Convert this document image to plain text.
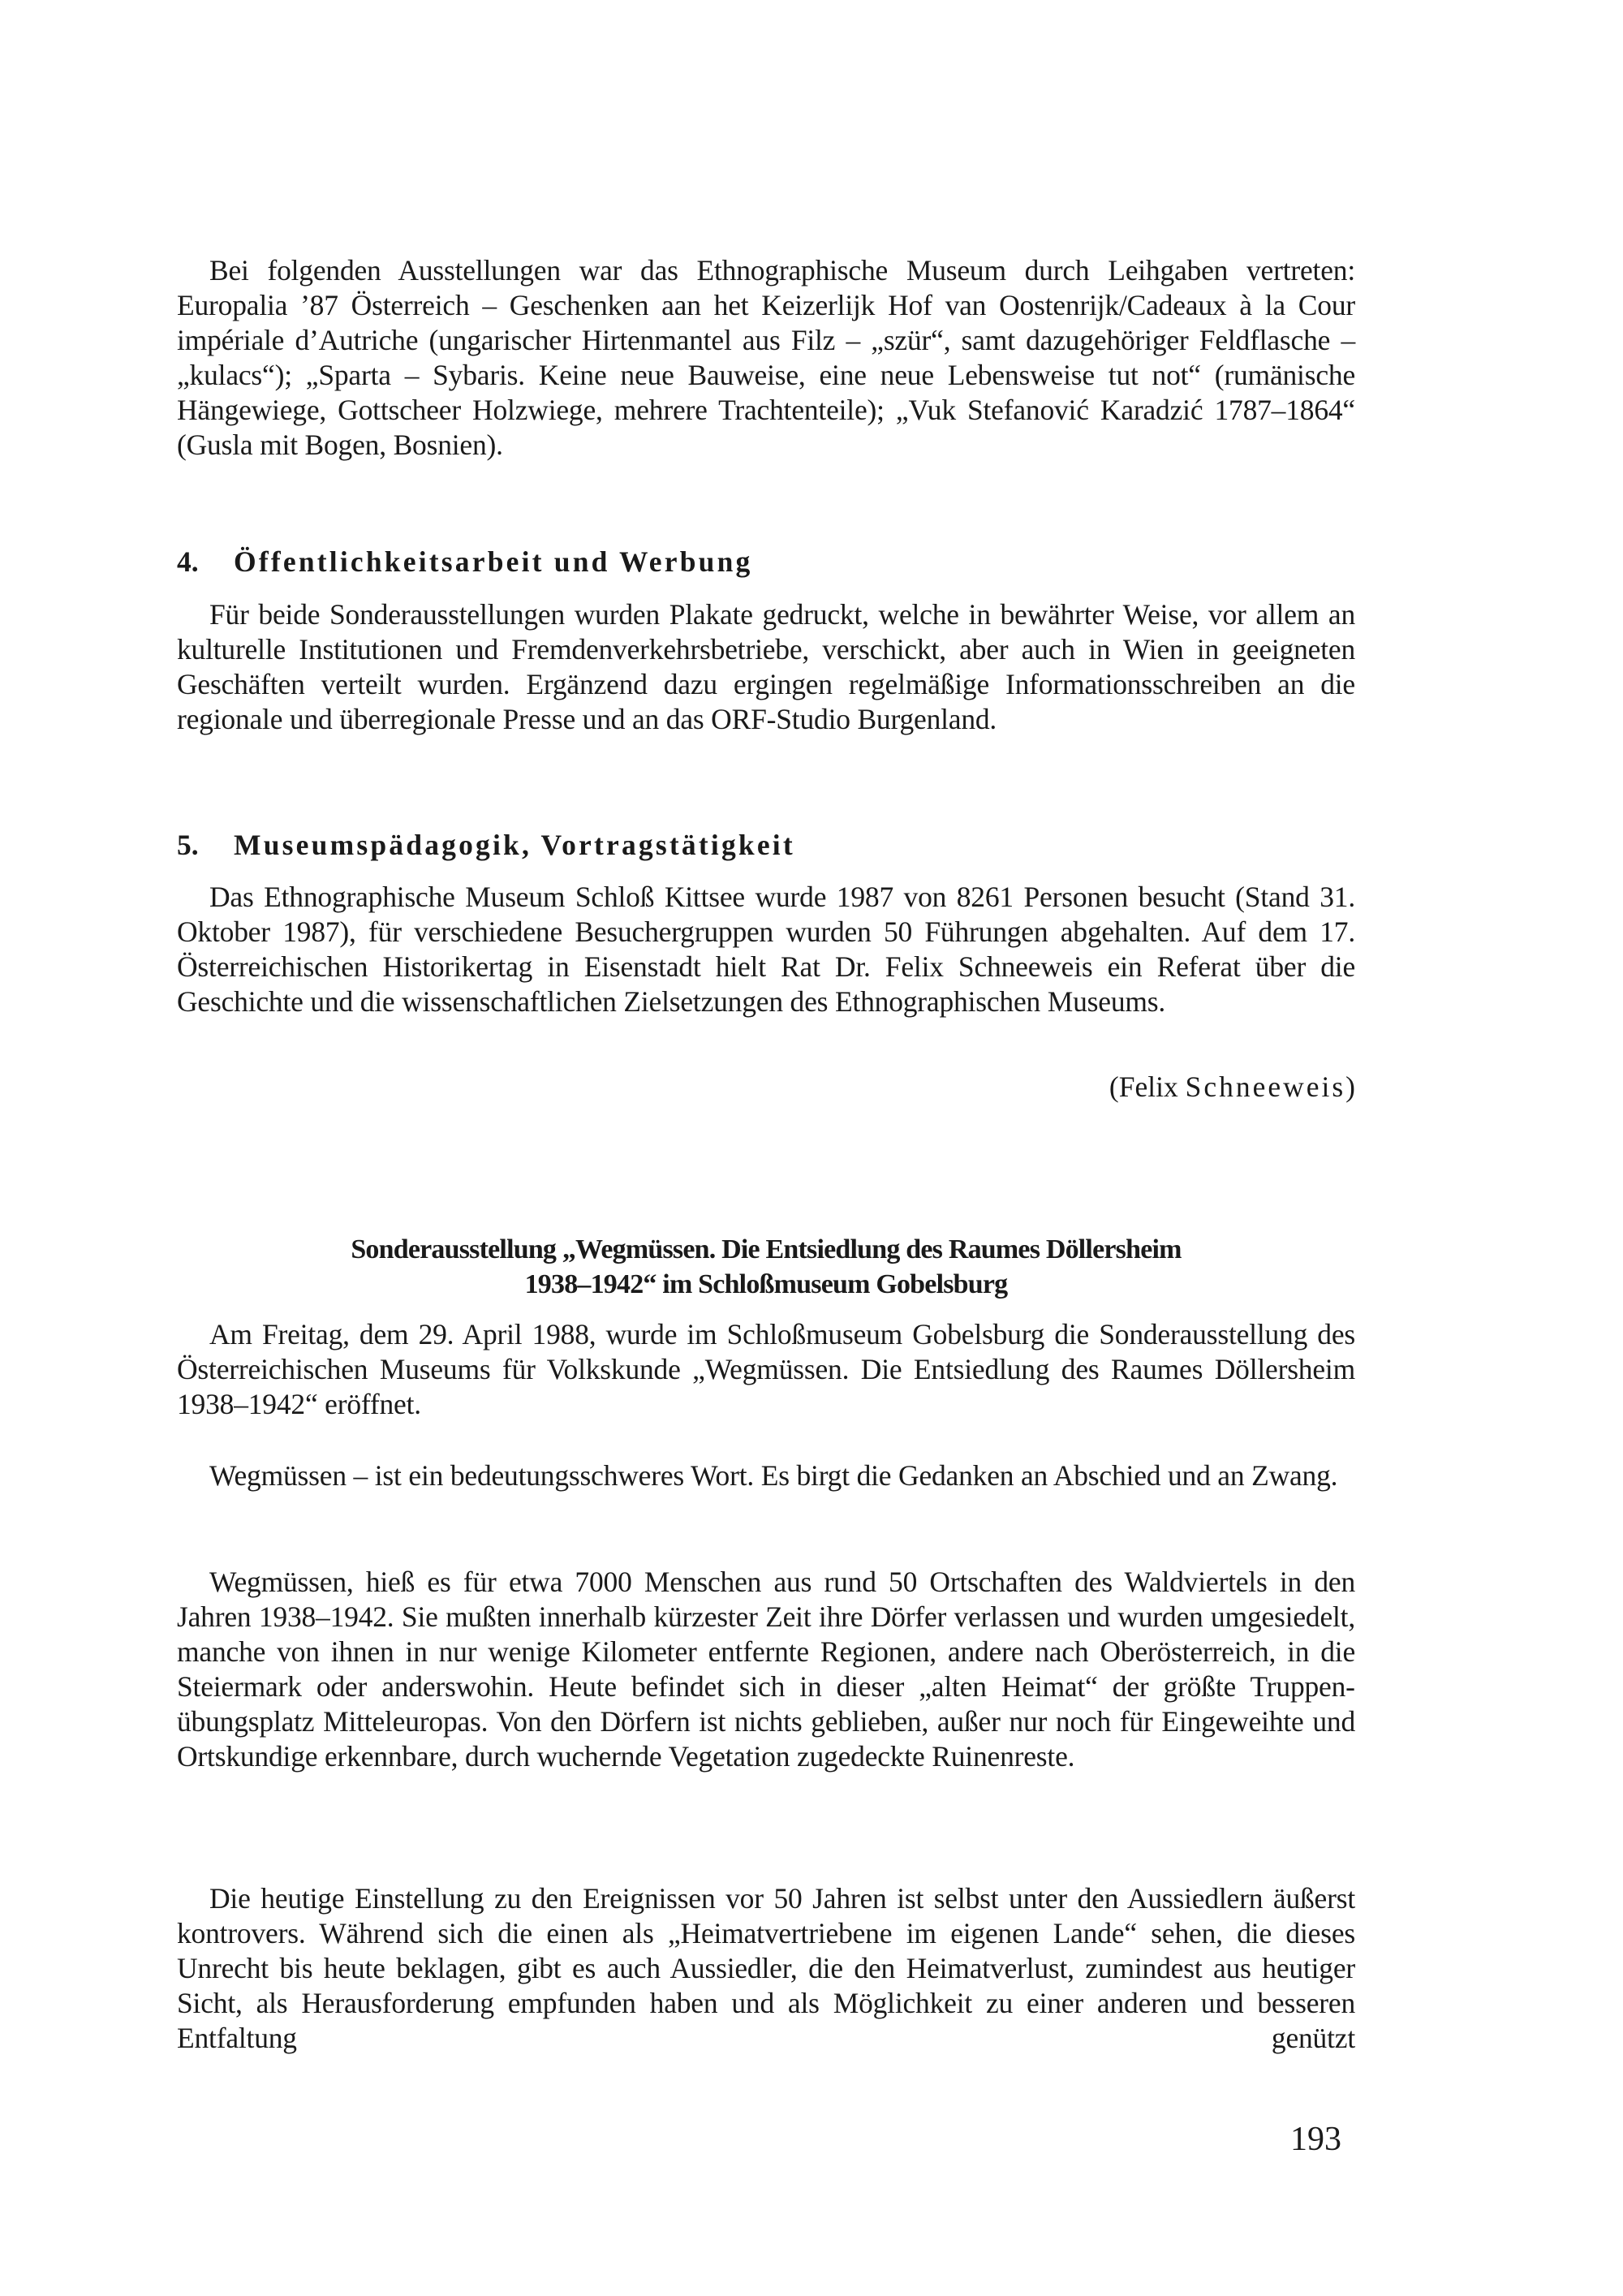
Bei folgenden Ausstellungen war das Ethnographische Museum durch Leihgaben vertreten: Europalia ’87 Österreich – Geschenken aan het Keizerlijk Hof van Oostenrijk/Cadeaux à la Cour impériale d’Autriche (ungarischer Hirtenmantel aus Filz – „szür“, samt dazugehöriger Feldflasche – „kulacs“); „Sparta – Sybaris. Keine neue Bauweise, eine neue Lebensweise tut not“ (rumänische Hängewiege, Gottscheer Holzwiege, mehrere Trachtenteile); „Vuk Stefanović Karadzić 1787–1864“ (Gusla mit Bogen, Bosnien).

4. Öffentlichkeitsarbeit und Werbung

Für beide Sonderausstellungen wurden Plakate gedruckt, welche in bewährter Weise, vor allem an kulturelle Institutionen und Fremdenverkehrsbetriebe, verschickt, aber auch in Wien in geeigneten Geschäften verteilt wurden. Ergänzend dazu ergingen regelmäßige Informationsschreiben an die regionale und überregionale Presse und an das ORF-Studio Burgenland.

5. Museumspädagogik, Vortragstätigkeit

Das Ethnographische Museum Schloß Kittsee wurde 1987 von 8261 Personen besucht (Stand 31. Oktober 1987), für verschiedene Besuchergruppen wurden 50 Führungen abgehalten. Auf dem 17. Österreichischen Historikertag in Eisenstadt hielt Rat Dr. Felix Schneeweis ein Referat über die Geschichte und die wissenschaftlichen Zielsetzungen des Ethnographischen Museums.

(Felix Schneeweis)

Sonderausstellung „Wegmüssen. Die Entsiedlung des Raumes Döllersheim

1938–1942“ im Schloßmuseum Gobelsburg

Am Freitag, dem 29. April 1988, wurde im Schloßmuseum Gobelsburg die Sonderausstellung des Österreichischen Museums für Volkskunde „Wegmüssen. Die Entsiedlung des Raumes Döllersheim 1938–1942“ eröffnet.

Wegmüssen – ist ein bedeutungsschweres Wort. Es birgt die Gedanken an Abschied und an Zwang.

Wegmüssen, hieß es für etwa 7000 Menschen aus rund 50 Ortschaften des Waldviertels in den Jahren 1938–1942. Sie mußten innerhalb kürzester Zeit ihre Dörfer verlassen und wurden umgesiedelt, manche von ihnen in nur wenige Kilometer entfernte Regionen, andere nach Oberösterreich, in die Steiermark oder anderswohin. Heute befindet sich in dieser „alten Heimat“ der größte Truppenübungsplatz Mitteleuropas. Von den Dörfern ist nichts geblieben, außer nur noch für Eingeweihte und Ortskundige erkennbare, durch wuchernde Vegetation zugedeckte Ruinenreste.

Die heutige Einstellung zu den Ereignissen vor 50 Jahren ist selbst unter den Aussiedlern äußerst kontrovers. Während sich die einen als „Heimatvertriebene im eigenen Lande“ sehen, die dieses Unrecht bis heute beklagen, gibt es auch Aussiedler, die den Heimatverlust, zumindest aus heutiger Sicht, als Herausforderung empfunden haben und als Möglichkeit zu einer anderen und besseren Entfaltung genützt

193
